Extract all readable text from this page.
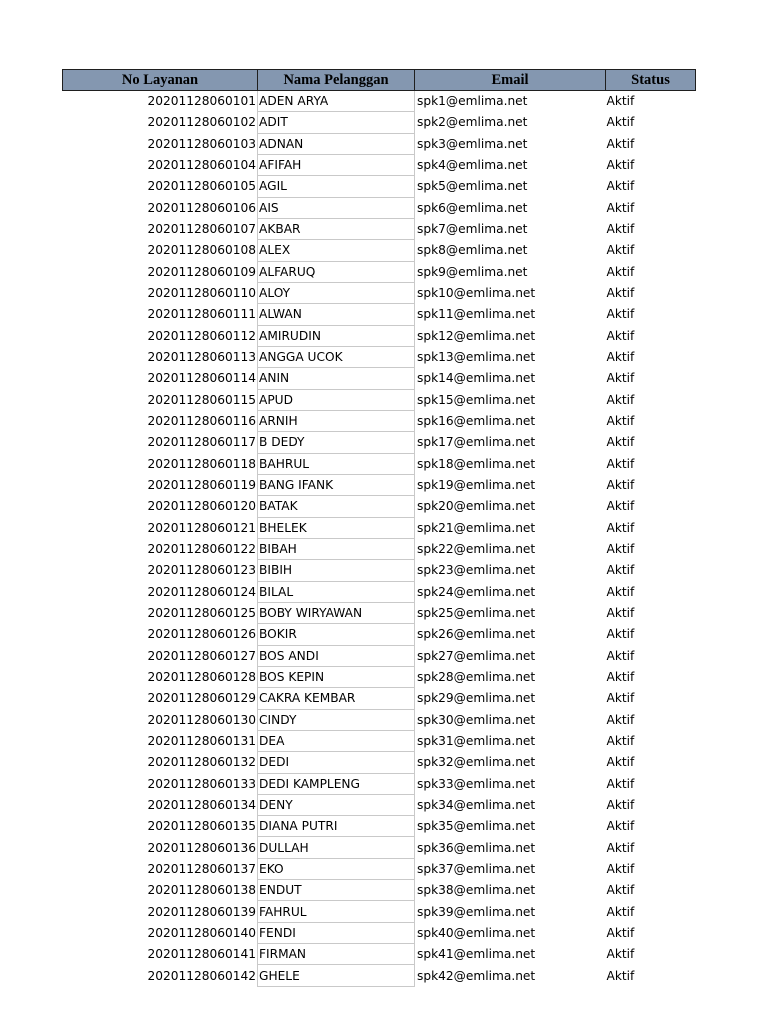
No Layanan	Nama Pelanggan	Email	Status
20201128060101	ADEN ARYA	spk1@emlima.net	Aktif
20201128060102	ADIT	spk2@emlima.net	Aktif
20201128060103	ADNAN	spk3@emlima.net	Aktif
20201128060104	AFIFAH	spk4@emlima.net	Aktif
20201128060105	AGIL	spk5@emlima.net	Aktif
20201128060106	AIS	spk6@emlima.net	Aktif
20201128060107	AKBAR	spk7@emlima.net	Aktif
20201128060108	ALEX	spk8@emlima.net	Aktif
20201128060109	ALFARUQ	spk9@emlima.net	Aktif
20201128060110	ALOY	spk10@emlima.net	Aktif
20201128060111	ALWAN	spk11@emlima.net	Aktif
20201128060112	AMIRUDIN	spk12@emlima.net	Aktif
20201128060113	ANGGA UCOK	spk13@emlima.net	Aktif
20201128060114	ANIN	spk14@emlima.net	Aktif
20201128060115	APUD	spk15@emlima.net	Aktif
20201128060116	ARNIH	spk16@emlima.net	Aktif
20201128060117	B DEDY	spk17@emlima.net	Aktif
20201128060118	BAHRUL	spk18@emlima.net	Aktif
20201128060119	BANG IFANK	spk19@emlima.net	Aktif
20201128060120	BATAK	spk20@emlima.net	Aktif
20201128060121	BHELEK	spk21@emlima.net	Aktif
20201128060122	BIBAH	spk22@emlima.net	Aktif
20201128060123	BIBIH	spk23@emlima.net	Aktif
20201128060124	BILAL	spk24@emlima.net	Aktif
20201128060125	BOBY WIRYAWAN	spk25@emlima.net	Aktif
20201128060126	BOKIR	spk26@emlima.net	Aktif
20201128060127	BOS ANDI	spk27@emlima.net	Aktif
20201128060128	BOS KEPIN	spk28@emlima.net	Aktif
20201128060129	CAKRA KEMBAR	spk29@emlima.net	Aktif
20201128060130	CINDY	spk30@emlima.net	Aktif
20201128060131	DEA	spk31@emlima.net	Aktif
20201128060132	DEDI	spk32@emlima.net	Aktif
20201128060133	DEDI KAMPLENG	spk33@emlima.net	Aktif
20201128060134	DENY	spk34@emlima.net	Aktif
20201128060135	DIANA PUTRI	spk35@emlima.net	Aktif
20201128060136	DULLAH	spk36@emlima.net	Aktif
20201128060137	EKO	spk37@emlima.net	Aktif
20201128060138	ENDUT	spk38@emlima.net	Aktif
20201128060139	FAHRUL	spk39@emlima.net	Aktif
20201128060140	FENDI	spk40@emlima.net	Aktif
20201128060141	FIRMAN	spk41@emlima.net	Aktif
20201128060142	GHELE	spk42@emlima.net	Aktif
